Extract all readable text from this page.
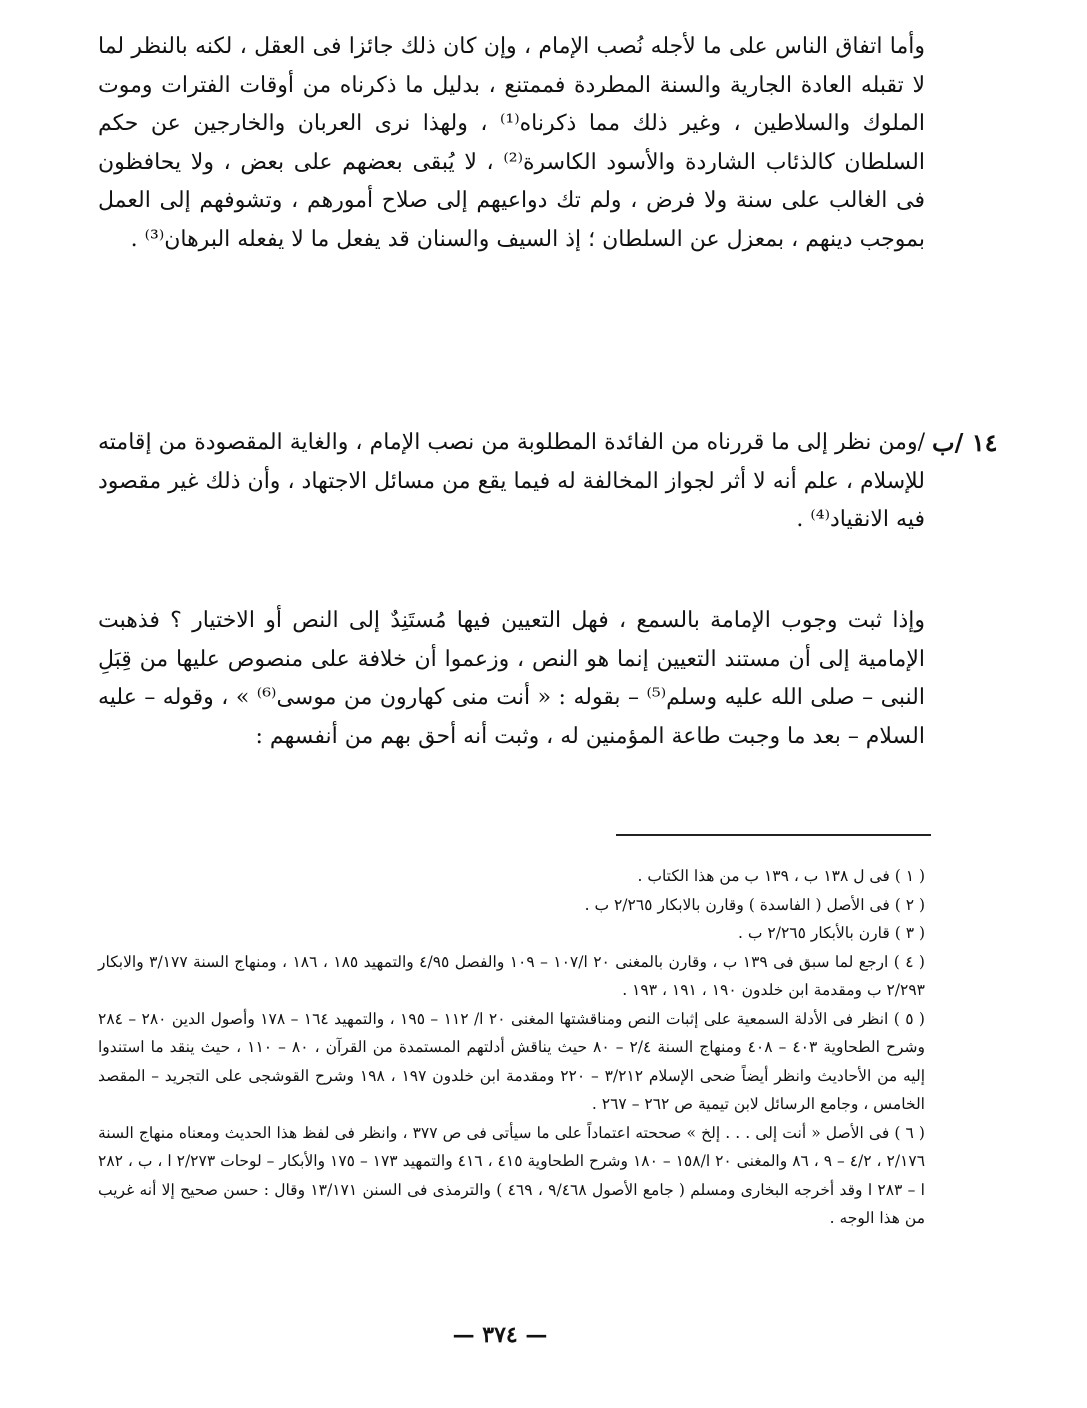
وأما اتفاق الناس على ما لأجله نُصب الإمام ، وإن كان ذلك جائزا فى العقل ، لكنه بالنظر لما لا تقبله العادة الجارية والسنة المطردة فممتنع ، بدليل ما ذكرناه من أوقات الفترات وموت الملوك والسلاطين ، وغير ذلك مما ذكرناه⁽¹⁾ ، ولهذا نرى العربان والخارجين عن حكم السلطان كالذئاب الشاردة والأسود الكاسرة⁽²⁾ ، لا يُبقى بعضهم على بعض ، ولا يحافظون فى الغالب على سنة ولا فرض ، ولم تك دواعيهم إلى صلاح أمورهم ، وتشوفهم إلى العمل بموجب دينهم ، بمعزل عن السلطان ؛ إذ السيف والسنان قد يفعل ما لا يفعله البرهان⁽³⁾ .

١٤ /ب

/ومن نظر إلى ما قررناه من الفائدة المطلوبة من نصب الإمام ، والغاية المقصودة من إقامته للإسلام ، علم أنه لا أثر لجواز المخالفة له فيما يقع من مسائل الاجتهاد ، وأن ذلك غير مقصود فيه الانقياد⁽⁴⁾ .

وإذا ثبت وجوب الإمامة بالسمع ، فهل التعيين فيها مُستَنِدٌ إلى النص أو الاختيار ؟ فذهبت الإمامية إلى أن مستند التعيين إنما هو النص ، وزعموا أن خلافة على منصوص عليها من قِبَلِ النبى – صلى الله عليه وسلم⁽⁵⁾ – بقوله : « أنت منى كهارون من موسى⁽⁶⁾ » ، وقوله – عليه السلام – بعد ما وجبت طاعة المؤمنين له ، وثبت أنه أحق بهم من أنفسهم :

( ١ ) فى ل ١٣٨ ب ، ١٣٩ ب من هذا الكتاب .

( ٢ ) فى الأصل ( الفاسدة ) وقارن بالابكار ٢/٢٦٥ ب .

( ٣ ) قارن بالأبكار ٢/٢٦٥ ب .

( ٤ ) ارجع لما سبق فى ١٣٩ ب ، وقارن بالمغنى ٢٠ ا/١٠٧ – ١٠٩ والفصل ٤/٩٥ والتمهيد ١٨٥ ، ١٨٦ ، ومنهاج السنة ٣/١٧٧ والابكار ٢/٢٩٣ ب ومقدمة ابن خلدون ١٩٠ ، ١٩١ ، ١٩٣ .

( ٥ ) انظر فى الأدلة السمعية على إثبات النص ومناقشتها المغنى ٢٠ ا/ ١١٢ – ١٩٥ ، والتمهيد ١٦٤ – ١٧٨ وأصول الدين ٢٨٠ – ٢٨٤ وشرح الطحاوية ٤٠٣ – ٤٠٨ ومنهاج السنة ٢/٤ – ٨٠ حيث يناقش أدلتهم المستمدة من القرآن ، ٨٠ – ١١٠ ، حيث ينقد ما استندوا إليه من الأحاديث وانظر أيضاً ضحى الإسلام ٣/٢١٢ – ٢٢٠ ومقدمة ابن خلدون ١٩٧ ، ١٩٨ وشرح القوشجى على التجريد – المقصد الخامس ، وجامع الرسائل لابن تيمية ص ٢٦٢ – ٢٦٧ .

( ٦ ) فى الأصل « أنت إلى . . . إلخ » صححته اعتماداً على ما سيأتى فى ص ٣٧٧ ، وانظر فى لفظ هذا الحديث ومعناه منهاج السنة ٢/١٧٦ ، ٤/٢ – ٩ ، ٨٦ والمغنى ٢٠ ا/١٥٨ – ١٨٠ وشرح الطحاوية ٤١٥ ، ٤١٦ والتمهيد ١٧٣ – ١٧٥ والأبكار – لوحات ٢/٢٧٣ ا ، ب ، ٢٨٢ ا – ٢٨٣ ا وقد أخرجه البخارى ومسلم ( جامع الأصول ٩/٤٦٨ ، ٤٦٩ ) والترمذى فى السنن ١٣/١٧١ وقال : حسن صحيح إلا أنه غريب من هذا الوجه .

— ٣٧٤ —
